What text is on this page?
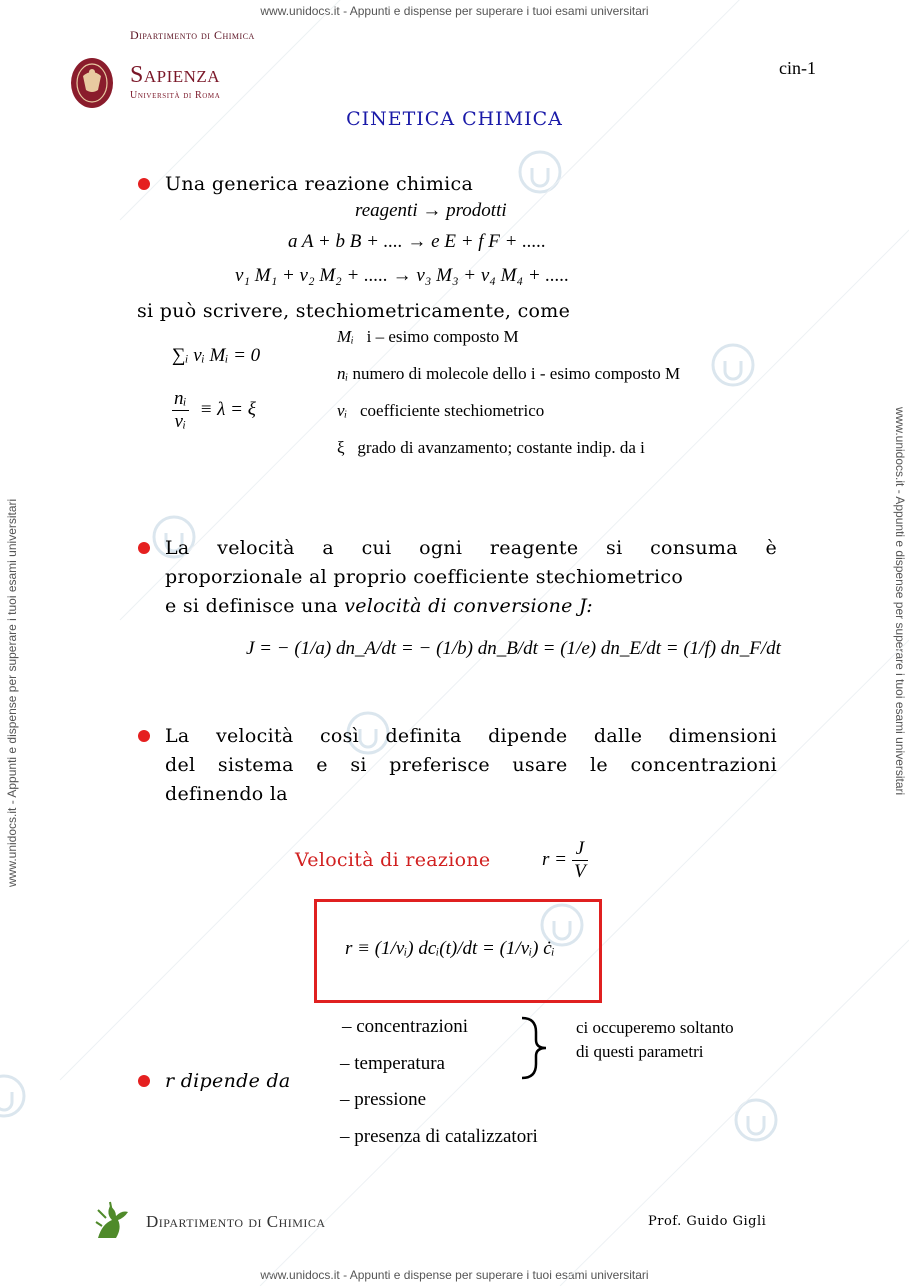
www.unidocs.it - Appunti e dispense per superare i tuoi esami universitari
www.unidocs.it - Appunti e dispense per superare i tuoi esami universitari
www.unidocs.it - Appunti e dispense per superare i tuoi esami universitari	www.unidocs.it - Appunti e dispense per superare i tuoi esami universitari
Dipartimento di Chimica
Sapienza
Università di Roma
cin-1
CINETICA CHIMICA
Una generica reazione chimica
reagenti → prodotti
a A + b B + .... → e E + f F + .....
ν₁ M₁ + ν₂ M₂ + ..... → ν₃ M₃ + ν₄ M₄ + .....
si può scrivere, stechiometricamente, come
∑ᵢ νᵢ Mᵢ = 0
$\frac{\text{nᵢ}}{\text{νᵢ}} \equiv \lambda = \xi$
Mᵢ i – esimo composto M
nᵢ numero di molecole dello i - esimo composto M
νᵢ coefficiente stechiometrico
ξ grado di avanzamento; costante indip. da i
La velocità a cui ogni reagente si consuma è
proporzionale al proprio coefficiente stechiometrico
e si definisce una velocità di conversione J:
J = − (1/a) dn_A/dt = − (1/b) dn_B/dt = (1/e) dn_E/dt = (1/f) dn_F/dt
La velocità così definita dipende dalle dimensioni
del sistema e si preferisce usare le concentrazioni
definendo la
Velocità di reazione	$r = \frac{J}{V}$
r ≡ (1/νᵢ) dcᵢ(t)/dt = (1/νᵢ) ċᵢ
r dipende da
– concentrazioni
– temperatura
– pressione
– presenza di catalizzatori
ci occuperemo soltanto
di questi parametri
Dipartimento di Chimica	Prof. Guido Gigli
